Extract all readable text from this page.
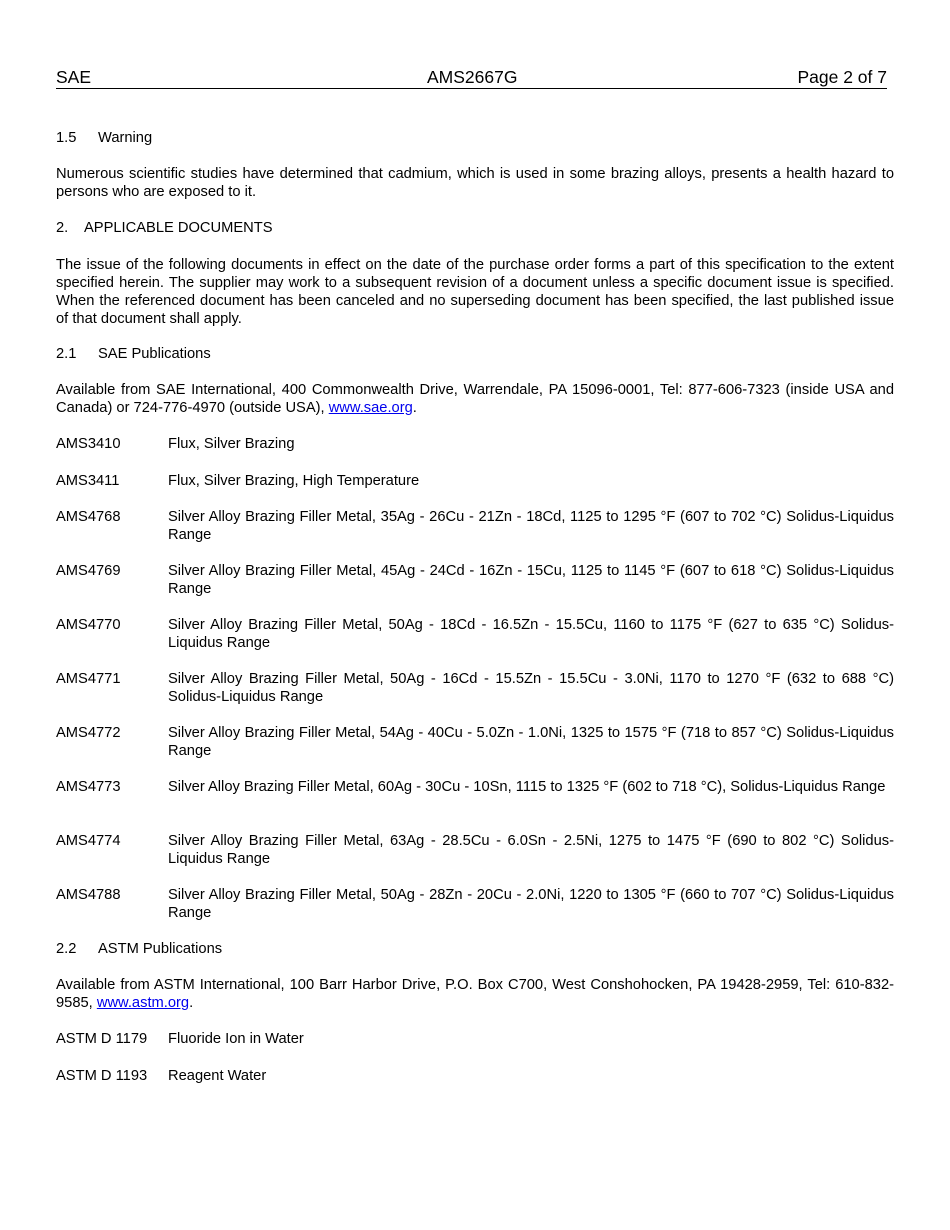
SAE	AMS2667G	Page 2 of 7
1.5 Warning
Numerous scientific studies have determined that cadmium, which is used in some brazing alloys, presents a health hazard to persons who are exposed to it.
2. APPLICABLE DOCUMENTS
The issue of the following documents in effect on the date of the purchase order forms a part of this specification to the extent specified herein. The supplier may work to a subsequent revision of a document unless a specific document issue is specified. When the referenced document has been canceled and no superseding document has been specified, the last published issue of that document shall apply.
2.1 SAE Publications
Available from SAE International, 400 Commonwealth Drive, Warrendale, PA 15096-0001, Tel: 877-606-7323 (inside USA and Canada) or 724-776-4970 (outside USA), www.sae.org.
AMS3410	Flux, Silver Brazing
AMS3411	Flux, Silver Brazing, High Temperature
AMS4768	Silver Alloy Brazing Filler Metal, 35Ag - 26Cu - 21Zn - 18Cd, 1125 to 1295 °F (607 to 702 °C) Solidus-Liquidus Range
AMS4769	Silver Alloy Brazing Filler Metal, 45Ag - 24Cd - 16Zn - 15Cu, 1125 to 1145 °F (607 to 618 °C) Solidus-Liquidus Range
AMS4770	Silver Alloy Brazing Filler Metal, 50Ag - 18Cd - 16.5Zn - 15.5Cu, 1160 to 1175 °F (627 to 635 °C) Solidus-Liquidus Range
AMS4771	Silver Alloy Brazing Filler Metal, 50Ag - 16Cd - 15.5Zn - 15.5Cu - 3.0Ni, 1170 to 1270 °F (632 to 688 °C) Solidus-Liquidus Range
AMS4772	Silver Alloy Brazing Filler Metal, 54Ag - 40Cu - 5.0Zn - 1.0Ni, 1325 to 1575 °F (718 to 857 °C) Solidus-Liquidus Range
AMS4773	Silver Alloy Brazing Filler Metal, 60Ag - 30Cu - 10Sn, 1115 to 1325 °F (602 to 718 °C), Solidus-Liquidus Range
AMS4774	Silver Alloy Brazing Filler Metal, 63Ag - 28.5Cu - 6.0Sn - 2.5Ni, 1275 to 1475 °F (690 to 802 °C) Solidus-Liquidus Range
AMS4788	Silver Alloy Brazing Filler Metal, 50Ag - 28Zn - 20Cu - 2.0Ni, 1220 to 1305 °F (660 to 707 °C) Solidus-Liquidus Range
2.2 ASTM Publications
Available from ASTM International, 100 Barr Harbor Drive, P.O. Box C700, West Conshohocken, PA 19428-2959, Tel: 610-832-9585, www.astm.org.
ASTM D 1179 Fluoride Ion in Water
ASTM D 1193 Reagent Water
